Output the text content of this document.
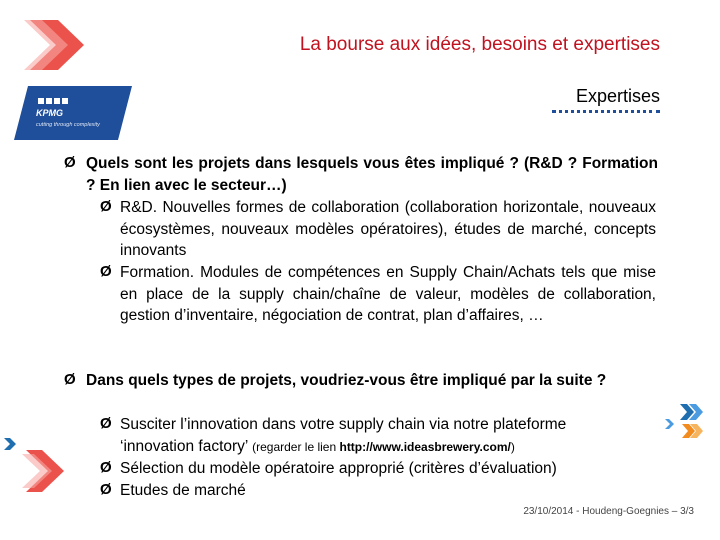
La bourse aux idées, besoins et expertises
Expertises
KPMG
cutting through complexity
Ø Quels sont les projets dans lesquels vous êtes impliqué ? (R&D ? Formation ? En lien avec le secteur…)
Ø R&D. Nouvelles formes de collaboration (collaboration horizontale, nouveaux écosystèmes, nouveaux modèles opératoires), études de marché, concepts innovants
Ø Formation. Modules de compétences en Supply Chain/Achats tels que mise en place de la supply chain/chaîne de valeur, modèles de collaboration, gestion d’inventaire, négociation de contrat, plan d’affaires, …
Ø Dans quels types de projets, voudriez-vous être impliqué par la suite ?
Ø Susciter l’innovation dans votre supply chain via notre plateforme ‘innovation factory’ (regarder le lien http://www.ideasbrewery.com/)
Ø Sélection du modèle opératoire approprié (critères d’évaluation)
Ø Etudes de marché
23/10/2014 - Houdeng-Goegnies – 3/3
